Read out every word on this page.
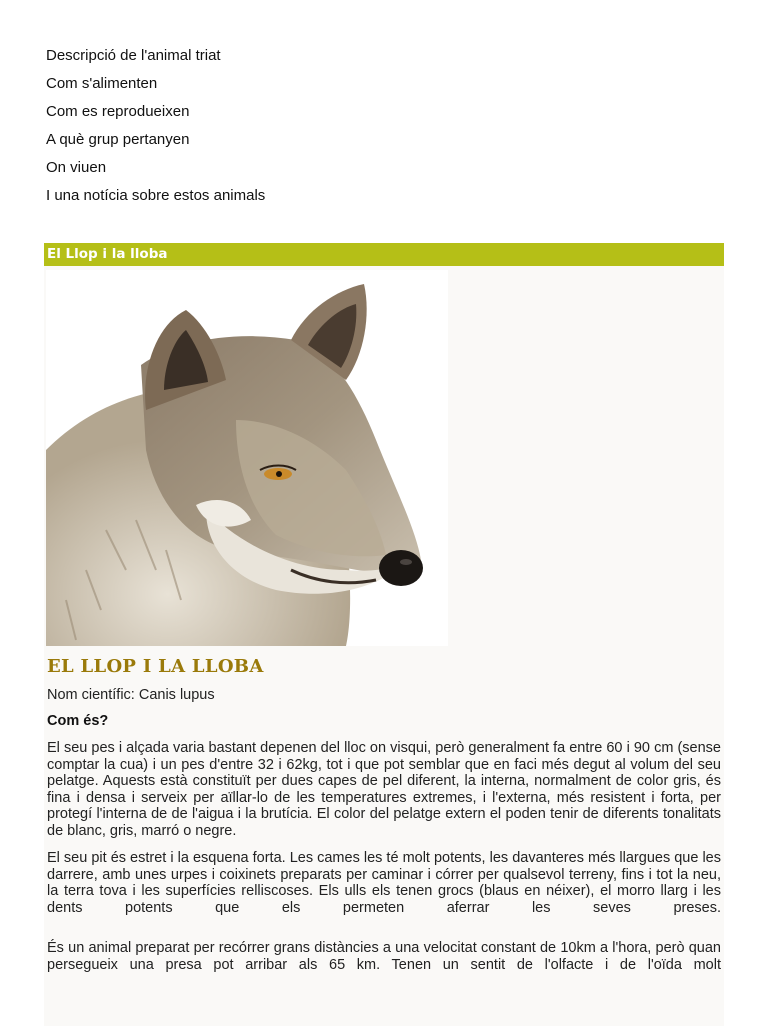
Descripció de l'animal triat
Com s'alimenten
Com es reprodueixen
A què grup pertanyen
On viuen
I una notícia sobre estos animals
El Llop i la lloba
EL LLOP I LA LLOBA
Nom científic: Canis lupus
Com és?

El seu pes i alçada varia bastant depenen del lloc on visqui, però generalment fa entre 60 i 90 cm (sense comptar la cua) i un pes d'entre 32 i 62kg, tot i que pot semblar que en faci més degut al volum del seu pelatge. Aquests està constituït per dues capes de pel diferent, la interna, normalment de color gris, és fina i densa i serveix per aïllar-lo de les temperatures extremes, i l'externa, més resistent i forta, per protegí l'interna de de l'aigua i la brutícia. El color del pelatge extern el poden tenir de diferents tonalitats de blanc, gris, marró o negre.

El seu pit és estret i la esquena forta. Les cames les té molt potents, les davanteres més llargues que les darrere, amb unes urpes i coixinets preparats per caminar i córrer per qualsevol terreny, fins i tot la neu, la terra tova i les superfícies relliscoses. Els ulls els tenen grocs (blaus en néixer), el morro llarg i les dents potents que els permeten aferrar les seves preses.

És un animal preparat per recórrer grans distàncies a una velocitat constant de 10km a l'hora, però quan persegueix una presa pot arribar als 65 km. Tenen un sentit de l'olfacte i de l'oïda molt
